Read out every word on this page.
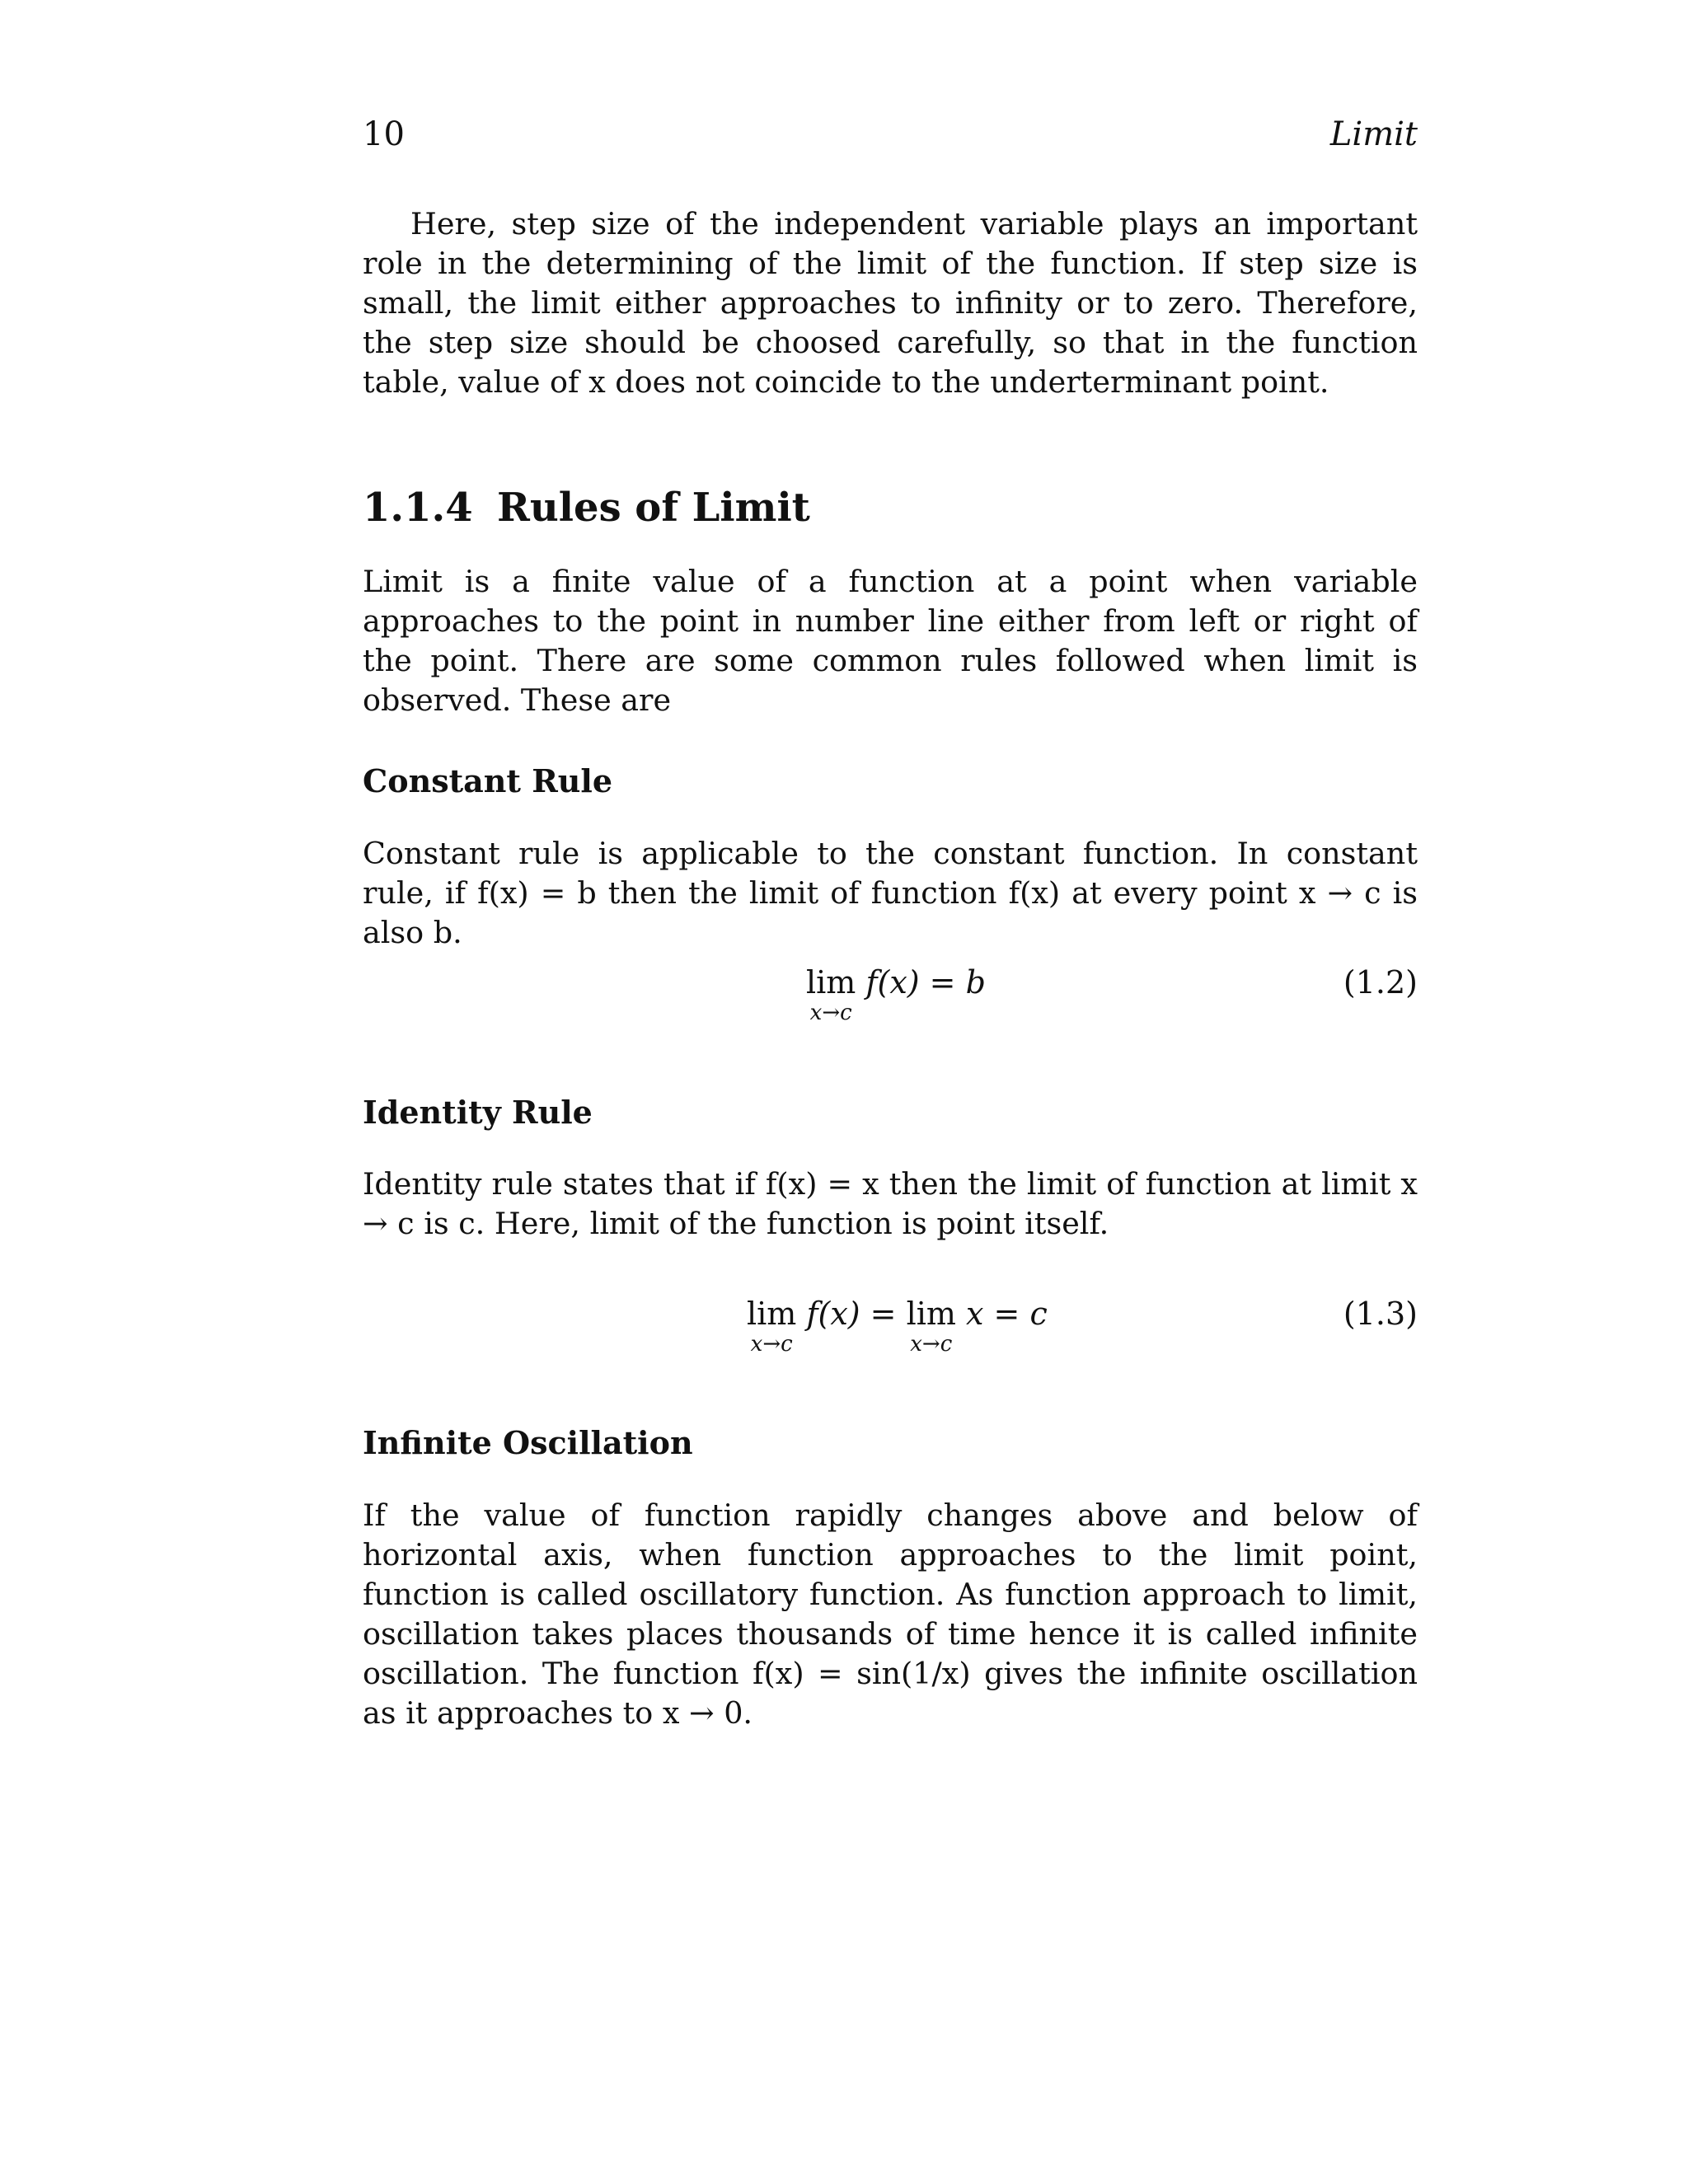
10	Limit

Here, step size of the independent variable plays an important role in the determining of the limit of the function. If step size is small, the limit either approaches to infinity or to zero. Therefore, the step size should be choosed carefully, so that in the function table, value of x does not coincide to the underterminant point.

1.1.4 Rules of Limit

Limit is a finite value of a function at a point when variable approaches to the point in number line either from left or right of the point. There are some common rules followed when limit is observed. These are

Constant Rule

Constant rule is applicable to the constant function. In constant rule, if f(x) = b then the limit of function f(x) at every point x → c is also b.

lim
x→c
f(x) = b	(1.2)
Identity Rule

Identity rule states that if f(x) = x then the limit of function at limit x → c is c. Here, limit of the function is point itself.

lim
x→c
f(x) = lim
x→c
x = c	(1.3)
Infinite Oscillation

If the value of function rapidly changes above and below of horizontal axis, when function approaches to the limit point, function is called oscillatory function. As function approach to limit, oscillation takes places thousands of time hence it is called infinite oscillation. The function f(x) = sin(1/x) gives the infinite oscillation as it approaches to x → 0.
